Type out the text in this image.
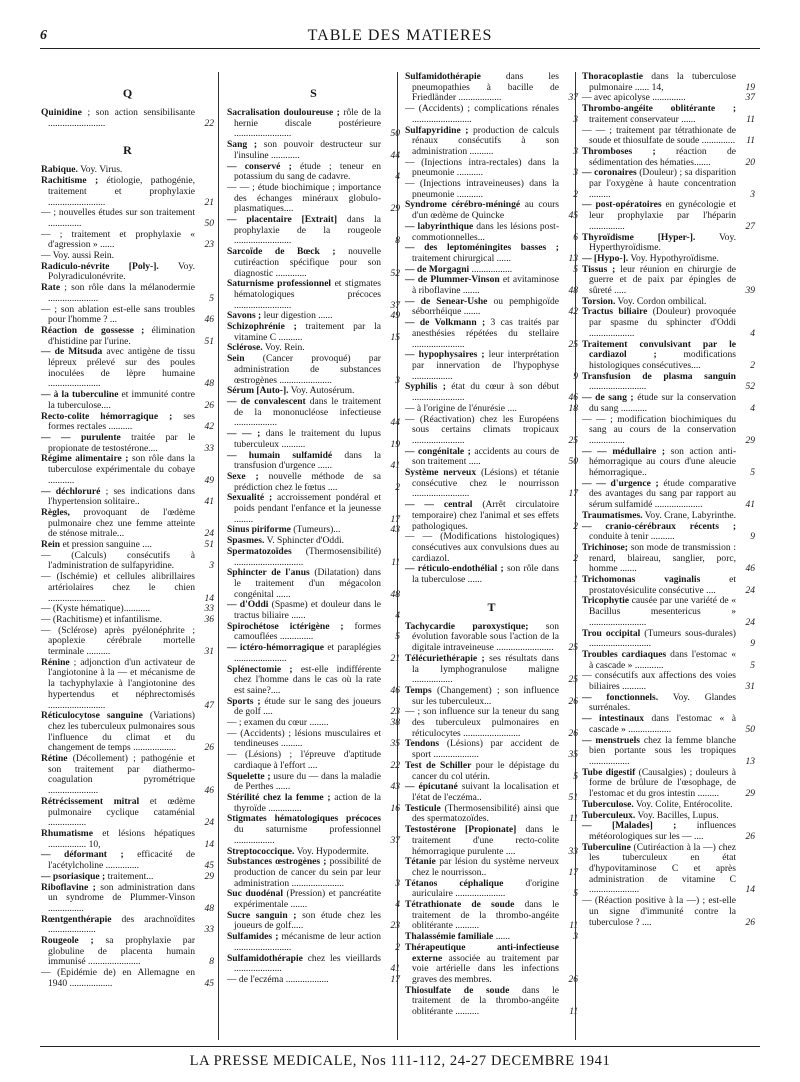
6	TABLE DES MATIERES
Q
Quinidine ; son action sensibilisante ........................	22
R
Rabique. Voy. Virus.
Rachitisme ; étiologie, pathogénie, traitement et prophylaxie ........................	21
— ; nouvelles études sur son traitement ..............	50
— ; traitement et prophylaxie « d'agression » ......	23
— Voy. aussi Rein.
Radiculo-névrite [Poly-]. Voy. Polyradiculonévrite.
Rate ; son rôle dans la mélanodermie .....................	5
— ; son ablation est-elle sans troubles pour l'homme ? ...	46
Réaction de gossesse ; élimination d'histidine par l'urine.	51
— de Mitsuda avec antigène de tissu lépreux prélevé sur des poules inoculées de lèpre humaine ......................	48
— à la tuberculine et immunité contre la tuberculose....	26
Recto-colite hémorragique ; ses formes rectales ..........	42
— — purulente traitée par le propionate de testostérone....	33
Régime alimentaire ; son rôle dans la tuberculose expérimentale du cobaye ...........	49
— déchloruré ; ses indications dans l'hypertension solitaire..	41
Règles, provoquant de l'œdème pulmonaire chez une femme atteinte de sténose mitrale...	24
Rein et pression sanguine ....	51
— (Calculs) consécutifs à l'administration de sulfapyridine.	3
— (Ischémie) et cellules alibrillaires artériolaires chez le chien ........................	14
— (Kyste hématique)...........	33
— (Rachitisme) et infantilisme.	36
— (Sclérose) après pyélonéphrite ; apoplexie cérébrale mortelle terminale ..........	31
Rénine ; adjonction d'un activateur de l'angiotonine à la — et mécanisme de la tachyphylaxie à l'angiotonine des hypertendus et néphrectomisés ........................	47
Réticulocytose sanguine (Variations) chez les tuberculeux pulmonaires sous l'influence du climat et du changement de temps ..................	26
Rétine (Décollement) ; pathogénie et son traitement par diathermo-coagulation pyrométrique .....................	46
Rétrécissement mitral et œdème pulmonaire cyclique cataménial ................	24
Rhumatisme et lésions hépatiques ................ 10,	14
— déformant ; efficacité de l'acétylcholine ..............	45
— psoriasique ; traitement...	29
Riboflavine ; son administration dans un syndrome de Plummer-Vinson ...............	48
Rœntgenthérapie des arachnoïdites ....................	33
Rougeole ; sa prophylaxie par globuline de placenta humain immunisé ......................	8
— (Epidémie de) en Allemagne en 1940 ..................	45
S
Sacralisation douloureuse ; rôle de la hernie discale postérieure ........................	50
Sang ; son pouvoir destructeur sur l'insuline ............	44
— conservé ; étude ; teneur en potassium du sang de cadavre.	4
— — ; étude biochimique ; importance des échanges minéraux globulo-plasmatiques....	29
— placentaire [Extrait] dans la prophylaxie de la rougeole ........................	8
Sarcoïde de Bœck ; nouvelle cutiréaction spécifique pour son diagnostic .............	52
Saturnisme professionnel et stigmates hématologiques précoces ........................	37
Savons ; leur digestion ......	49
Schizophrénie ; traitement par la vitamine C ..........	15
Sclérose. Voy. Rein.
Sein (Cancer provoqué) par administration de substances œstrogènes ......................	3
Sérum [Auto-]. Voy. Autosérum.
— de convalescent dans le traitement de la mononucléose infectieuse ..................	44
— — ; dans le traitement du lupus tuberculeux ..........	19
— humain sulfamidé dans la transfusion d'urgence ......	41
Sexe ; nouvelle méthode de sa prédiction chez le fœtus ....	2
Sexualité ; accroissement pondéral et poids pendant l'enfance et la jeunesse ........	17
Sinus piriforme (Tumeurs)...	43
Spasmes. V. Sphincter d'Oddi.
Spermatozoïdes (Thermosensibilité) .............................	11
Sphincter de l'anus (Dilatation) dans le traitement d'un mégacolon congénital ......	48
— d'Oddi (Spasme) et douleur dans le tractus biliaire ......	4
Spirochétose ictérigène ; formes camouflées ..............	5
— ictéro-hémorragique et paraplégies ......................	21
Splénectomie ; est-elle indifférente chez l'homme dans le cas où la rate est saine?....	46
Sports ; étude sur le sang des joueurs de golf ....	23
— ; examen du cœur ........	38
— (Accidents) ; lésions musculaires et tendineuses .........	35
— (Lésions) ; l'épreuve d'aptitude cardiaque à l'effort ....	22
Squelette ; usure du — dans la maladie de Perthes ......	43
Stérilité chez la femme ; action de la thyroïde ..............	16
Stigmates hématologiques précoces du saturnisme professionnel .................	37
Streptococcique. Voy. Hypodermite.
Substances œstrogènes ; possibilité de production de cancer du sein par leur administration ......................	3
Suc duodénal (Pression) et pancréatite expérimentale .......	4
Sucre sanguin ; son étude chez les joueurs de golf.....	23
Sulfamides ; mécanisme de leur action ........................	2
Sulfamidothérapie chez les vieillards ....................	41
— de l'eczéma ..................	17
Sulfamidothérapie dans les pneumopathies à bacille de Friedländer ..................	37
— (Accidents) ; complications rénales .........................	3
Sulfapyridine ; production de calculs rénaux consécutifs à son administration ..........	3
— (Injections intra-rectales) dans la pneumonie ...........	3
— (Injections intraveineuses) dans la pneumonie ...........	2
Syndrome cérébro-méningé au cours d'un œdème de Quincke	45
— labyrinthique dans les lésions post-commotionnelles...	6
— des leptoméningites basses ; traitement chirurgical ......	13
— de Morgagni .................	5
— de Plummer-Vinson et avitaminose à riboflavine .......	48
— de Senear-Ushe ou pemphigoïde séborrhéique .......	42
— de Volkmann ; 3 cas traités par anesthésies répétées du stellaire ......................	25
— hypophysaires ; leur interprétation par innervation de l'hypophyse .................	9
Syphilis ; état du cœur à son début ......................	46
— à l'origine de l'énurésie ....	18
— (Réactivation) chez les Européens sous certains climats tropicaux ......................	25
— congénitale ; accidents au cours de son traitement .....	50
Système nerveux (Lésions) et tétanie consécutive chez le nourrisson ........................	17
— — central (Arrêt circulatoire temporaire) chez l'animal et ses effets pathologiques.	2
— — (Modifications histologiques) consécutives aux convulsions dues au cardiazol.	2
— réticulo-endothélial ; son rôle dans la tuberculose ......	1
T
Tachycardie paroxystique; son évolution favorable sous l'action de la digitale intraveineuse ........................ 25
Télécuriethérapie ; ses résultats dans la lymphogranulose maligne .................	25
Temps (Changement) ; son influence sur les tuberculeux...	26
— ; son influence sur la teneur du sang des tuberculeux pulmonaires en réticulocytes ........................	26
Tendons (Lésions) par accident de sport ...................	35
Test de Schiller pour le dépistage du cancer du col utérin.	5
— épicutané suivant la localisation et l'état de l'eczéma..	51
Testicule (Thermosensibilité) ainsi que des spermatozoïdes.	11
Testostérone [Propionate] dans le traitement d'une recto-colite hémorragique purulente ....	33
Tétanie par lésion du système nerveux chez le nourrisson..	17
Tétanos céphalique d'origine auriculaire .....................	5
Tétrathionate de soude dans le traitement de la thrombo-angéite oblitérante ..........	11
Thalassémie familiale ......	3
Thérapeutique anti-infectieuse externe associée au traitement par voie artérielle dans les infections graves des membres.	26
Thiosulfate de soude dans le traitement de la thrombo-angéite oblitérante ..........	11
Thoracoplastie dans la tuberculose pulmonaire ...... 14,	19
— avec apicolyse ..............	37
Thrombo-angéite oblitérante ; traitement conservateur ......	11
— — ; traitement par tétrathionate de soude et thiosulfate de soude .............. 11
Thromboses ; réaction de sédimentation des hématies.......	20
— coronaires (Douleur) ; sa disparition par l'oxygène à haute concentration .........	3
— post-opératoires en gynécologie et leur prophylaxie par l'héparin ...............	27
Thyroïdisme [Hyper-]. Voy. Hyperthyroïdisme.
— [Hypo-]. Voy. Hypothyroïdisme.
Tissus ; leur réunion en chirurgie de guerre et de paix par épingles de sûreté .....	39
Torsion. Voy. Cordon ombilical.
Tractus biliaire (Douleur) provoquée par spasme du sphincter d'Oddi ...................	4
Traitement convulsivant par le cardiazol ; modifications histologiques consécutives....	2
Transfusion de plasma sanguin ........................	52
— de sang ; étude sur la conservation du sang ...........	4
— — ; modification biochimiques du sang au cours de la conservation ...............	29
— — médullaire ; son action anti-hémorragique au cours d'une aleucie hémorragique..	5
— — d'urgence ; étude comparative des avantages du sang par rapport au sérum sulfamidé ....................	41
Traumatismes. Voy. Crane, Labyrinthe.
— cranio-cérébraux récents ; conduite à tenir ..........	9
Trichinose; son mode de transmission : renard, blaireau, sanglier, porc, homme .......	46
Trichomonas vaginalis et prostatovésiculite consécutive ....	24
Tricophytie causée par une variété de « Bacillus mesentericus » ........................	24
Trou occipital (Tumeurs sous-durales) ..........................	9
Troubles cardiaques dans l'estomac « à cascade » ............	5
— consécutifs aux affections des voies biliaires ..........	31
— fonctionnels. Voy. Glandes surrénales.
— intestinaux dans l'estomac « à cascade » ..................	50
— menstruels chez la femme blanche bien portante sous les tropiques .................	13
Tube digestif (Causalgies) ; douleurs à forme de brûlure de l'œsophage, de l'estomac et du gros intestin .........	29
Tuberculose. Voy. Colite, Entérocolite.
Tuberculeux. Voy. Bacilles, Lupus.
— [Malades] ; influences météorologiques sur les — ....	26
Tuberculine (Cutiréaction à la —) chez les tuberculeux en état d'hypovitaminose C et après administration de vitamine C .....................	14
— (Réaction positive à la —) ; est-elle un signe d'immunité contre la tuberculose ? ....	26
LA PRESSE MEDICALE, Nos 111-112, 24-27 DECEMBRE 1941
